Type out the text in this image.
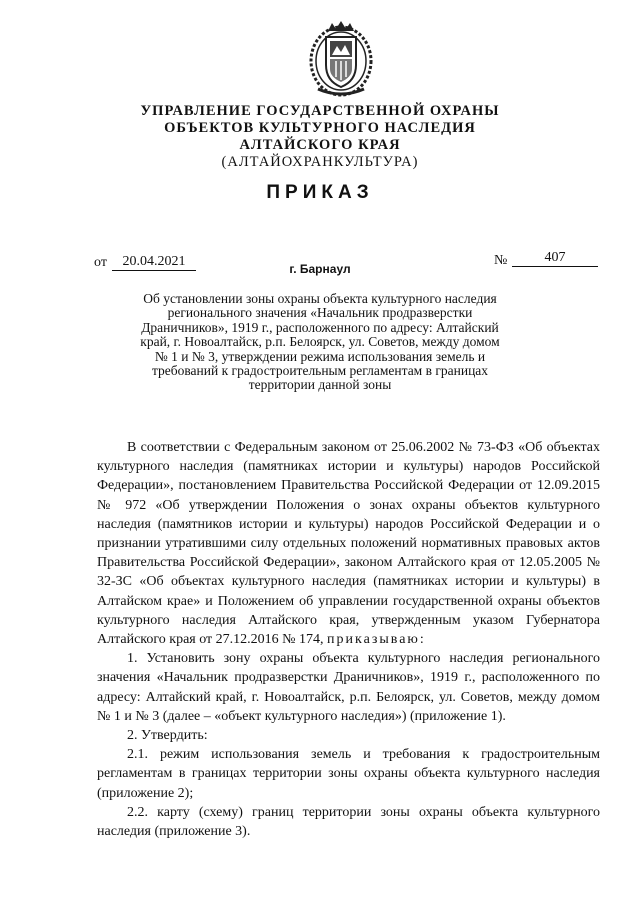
УПРАВЛЕНИЕ ГОСУДАРСТВЕННОЙ ОХРАНЫ
ОБЪЕКТОВ КУЛЬТУРНОГО НАСЛЕДИЯ
АЛТАЙСКОГО КРАЯ
(АЛТАЙОХРАНКУЛЬТУРА)
ПРИКАЗ
от	20.04.2021	№	407
г. Барнаул
Об установлении зоны охраны объекта культурного наследия регионального значения «Начальник продразверстки Драничников», 1919 г., расположенного по адресу: Алтайский край, г. Новоалтайск, р.п. Белоярск, ул. Советов, между домом № 1 и № 3, утверждении режима использования земель и требований к градостроительным регламентам в границах территории данной зоны

В соответствии с Федеральным законом от 25.06.2002 № 73-ФЗ «Об объектах культурного наследия (памятниках истории и культуры) народов Российской Федерации», постановлением Правительства Российской Федерации от 12.09.2015 № 972 «Об утверждении Положения о зонах охраны объектов культурного наследия (памятников истории и культуры) народов Российской Федерации и о признании утратившими силу отдельных положений нормативных правовых актов Правительства Российской Федерации», законом Алтайского края от 12.05.2005 № 32-ЗС «Об объектах культурного наследия (памятниках истории и культуры) в Алтайском крае» и Положением об управлении государственной охраны объектов культурного наследия Алтайского края, утвержденным указом Губернатора Алтайского края от 27.12.2016 № 174, приказываю:

1. Установить зону охраны объекта культурного наследия регионального значения «Начальник продразверстки Драничников», 1919 г., расположенного по адресу: Алтайский край, г. Новоалтайск, р.п. Белоярск, ул. Советов, между домом № 1 и № 3 (далее – «объект культурного наследия») (приложение 1).

2. Утвердить:

2.1. режим использования земель и требования к градостроительным регламентам в границах территории зоны охраны объекта культурного наследия (приложение 2);

2.2. карту (схему) границ территории зоны охраны объекта культурного наследия (приложение 3).
